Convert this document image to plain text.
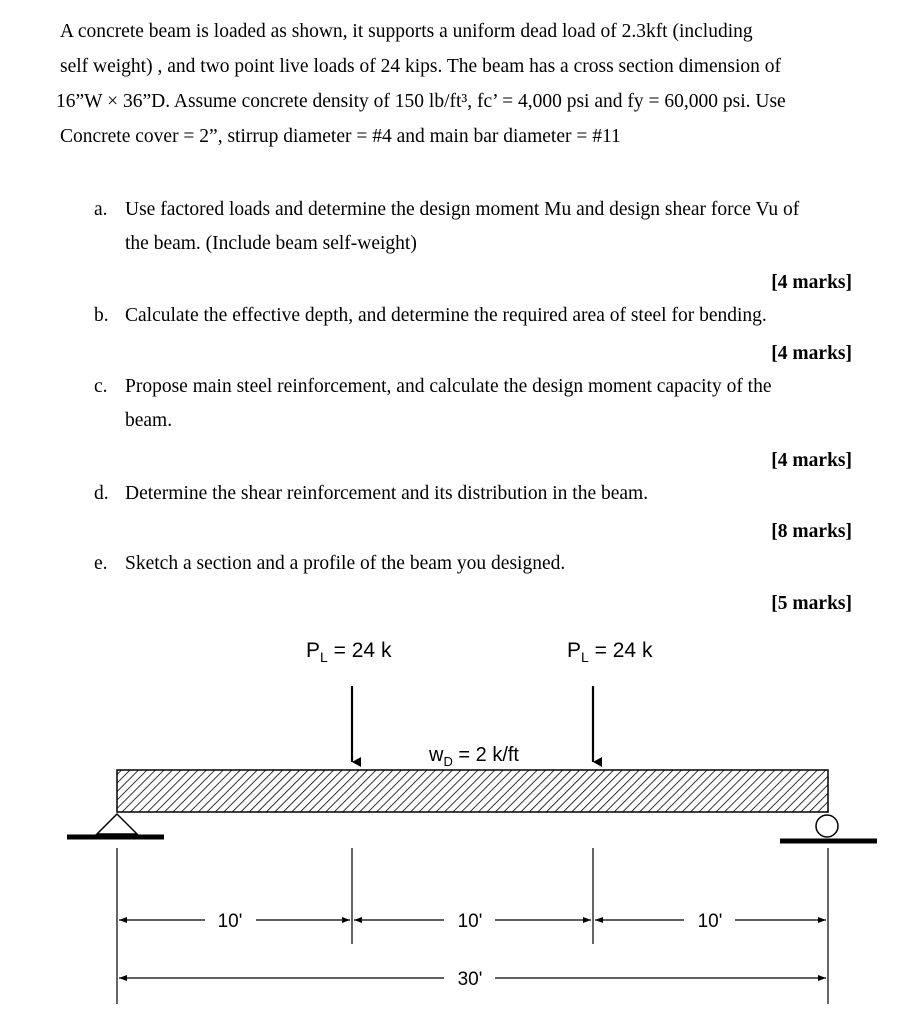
A concrete beam is loaded as shown, it supports a uniform dead load of 2.3kft (including
self weight) , and two point live loads of 24 kips. The beam has a cross section dimension of
16”W × 36”D. Assume concrete density of 150 lb/ft³, fc’ = 4,000 psi and fy = 60,000 psi. Use
Concrete cover = 2”, stirrup diameter = #4 and main bar diameter = #11
a. Use factored loads and determine the design moment Mu and design shear force Vu of
the beam. (Include beam self-weight)
[4 marks]
b. Calculate the effective depth, and determine the required area of steel for bending.
[4 marks]
c. Propose main steel reinforcement, and calculate the design moment capacity of the
beam.
[4 marks]
d. Determine the shear reinforcement and its distribution in the beam.
[8 marks]
e. Sketch a section and a profile of the beam you designed.
[5 marks]
$P_L = 24$ k	$P_L = 24$ k
$w_D = 2$ k/ft
10'	10'	10'
30'
